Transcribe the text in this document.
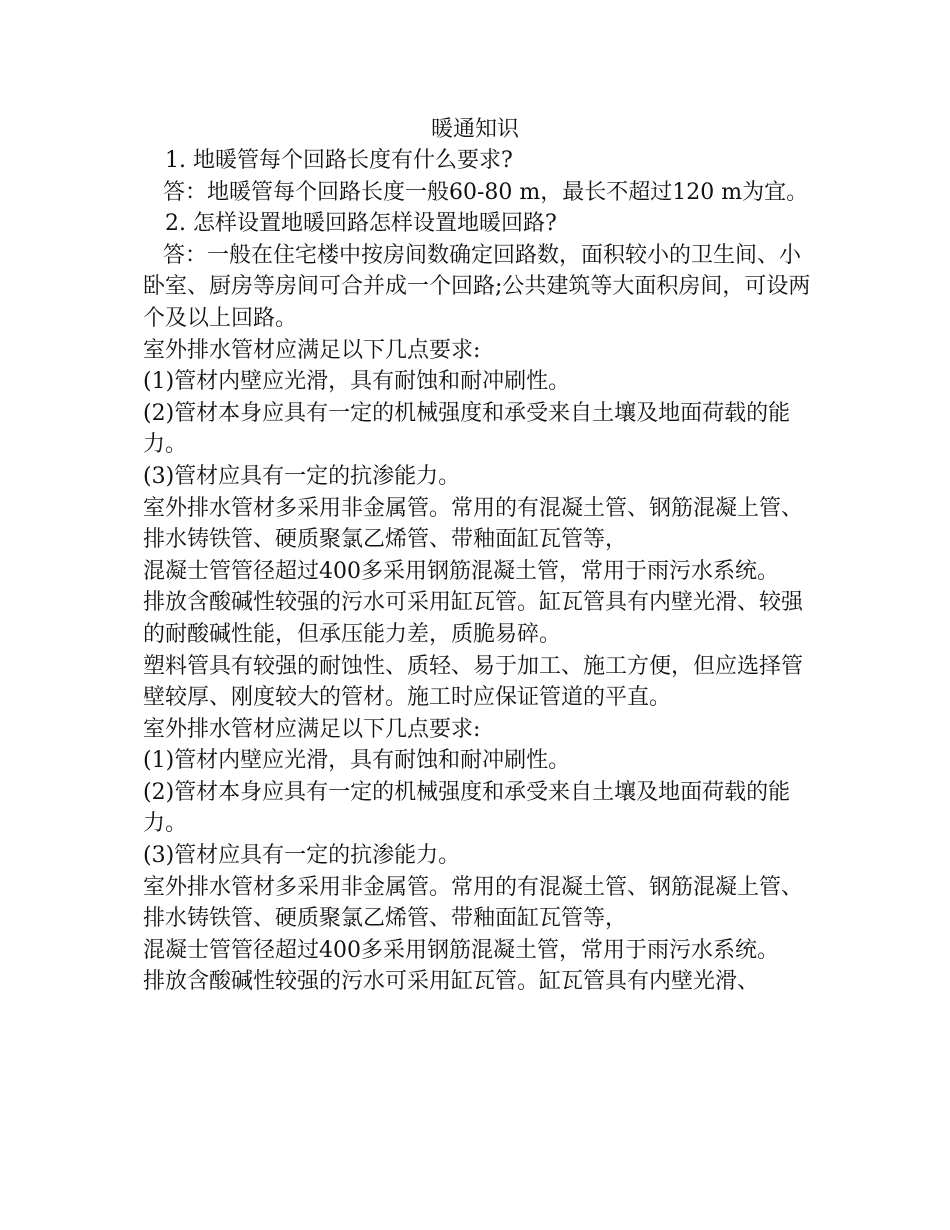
暖通知识

1. 地暖管每个回路长度有什么要求?

答：地暖管每个回路长度一般60-80 m，最长不超过120 m为宜。

2. 怎样设置地暖回路怎样设置地暖回路?

答：一般在住宅楼中按房间数确定回路数，面积较小的卫生间、小卧室、厨房等房间可合并成一个回路;公共建筑等大面积房间，可设两个及以上回路。

室外排水管材应满足以下几点要求:

(1)管材内壁应光滑，具有耐蚀和耐冲刷性。

(2)管材本身应具有一定的机械强度和承受来自土壤及地面荷载的能力。

(3)管材应具有一定的抗渗能力。

室外排水管材多采用非金属管。常用的有混凝土管、钢筋混凝上管、排水铸铁管、硬质聚氯乙烯管、带釉面缸瓦管等，

混凝士管管径超过400多采用钢筋混凝土管，常用于雨污水系统。

排放含酸碱性较强的污水可采用缸瓦管。缸瓦管具有内壁光滑、较强的耐酸碱性能，但承压能力差，质脆易碎。

塑料管具有较强的耐蚀性、质轻、易于加工、施工方便，但应选择管壁较厚、刚度较大的管材。施工时应保证管道的平直。

室外排水管材应满足以下几点要求:

(1)管材内壁应光滑，具有耐蚀和耐冲刷性。

(2)管材本身应具有一定的机械强度和承受来自土壤及地面荷载的能力。

(3)管材应具有一定的抗渗能力。

室外排水管材多采用非金属管。常用的有混凝土管、钢筋混凝上管、排水铸铁管、硬质聚氯乙烯管、带釉面缸瓦管等，

混凝士管管径超过400多采用钢筋混凝土管，常用于雨污水系统。

排放含酸碱性较强的污水可采用缸瓦管。缸瓦管具有内壁光滑、
